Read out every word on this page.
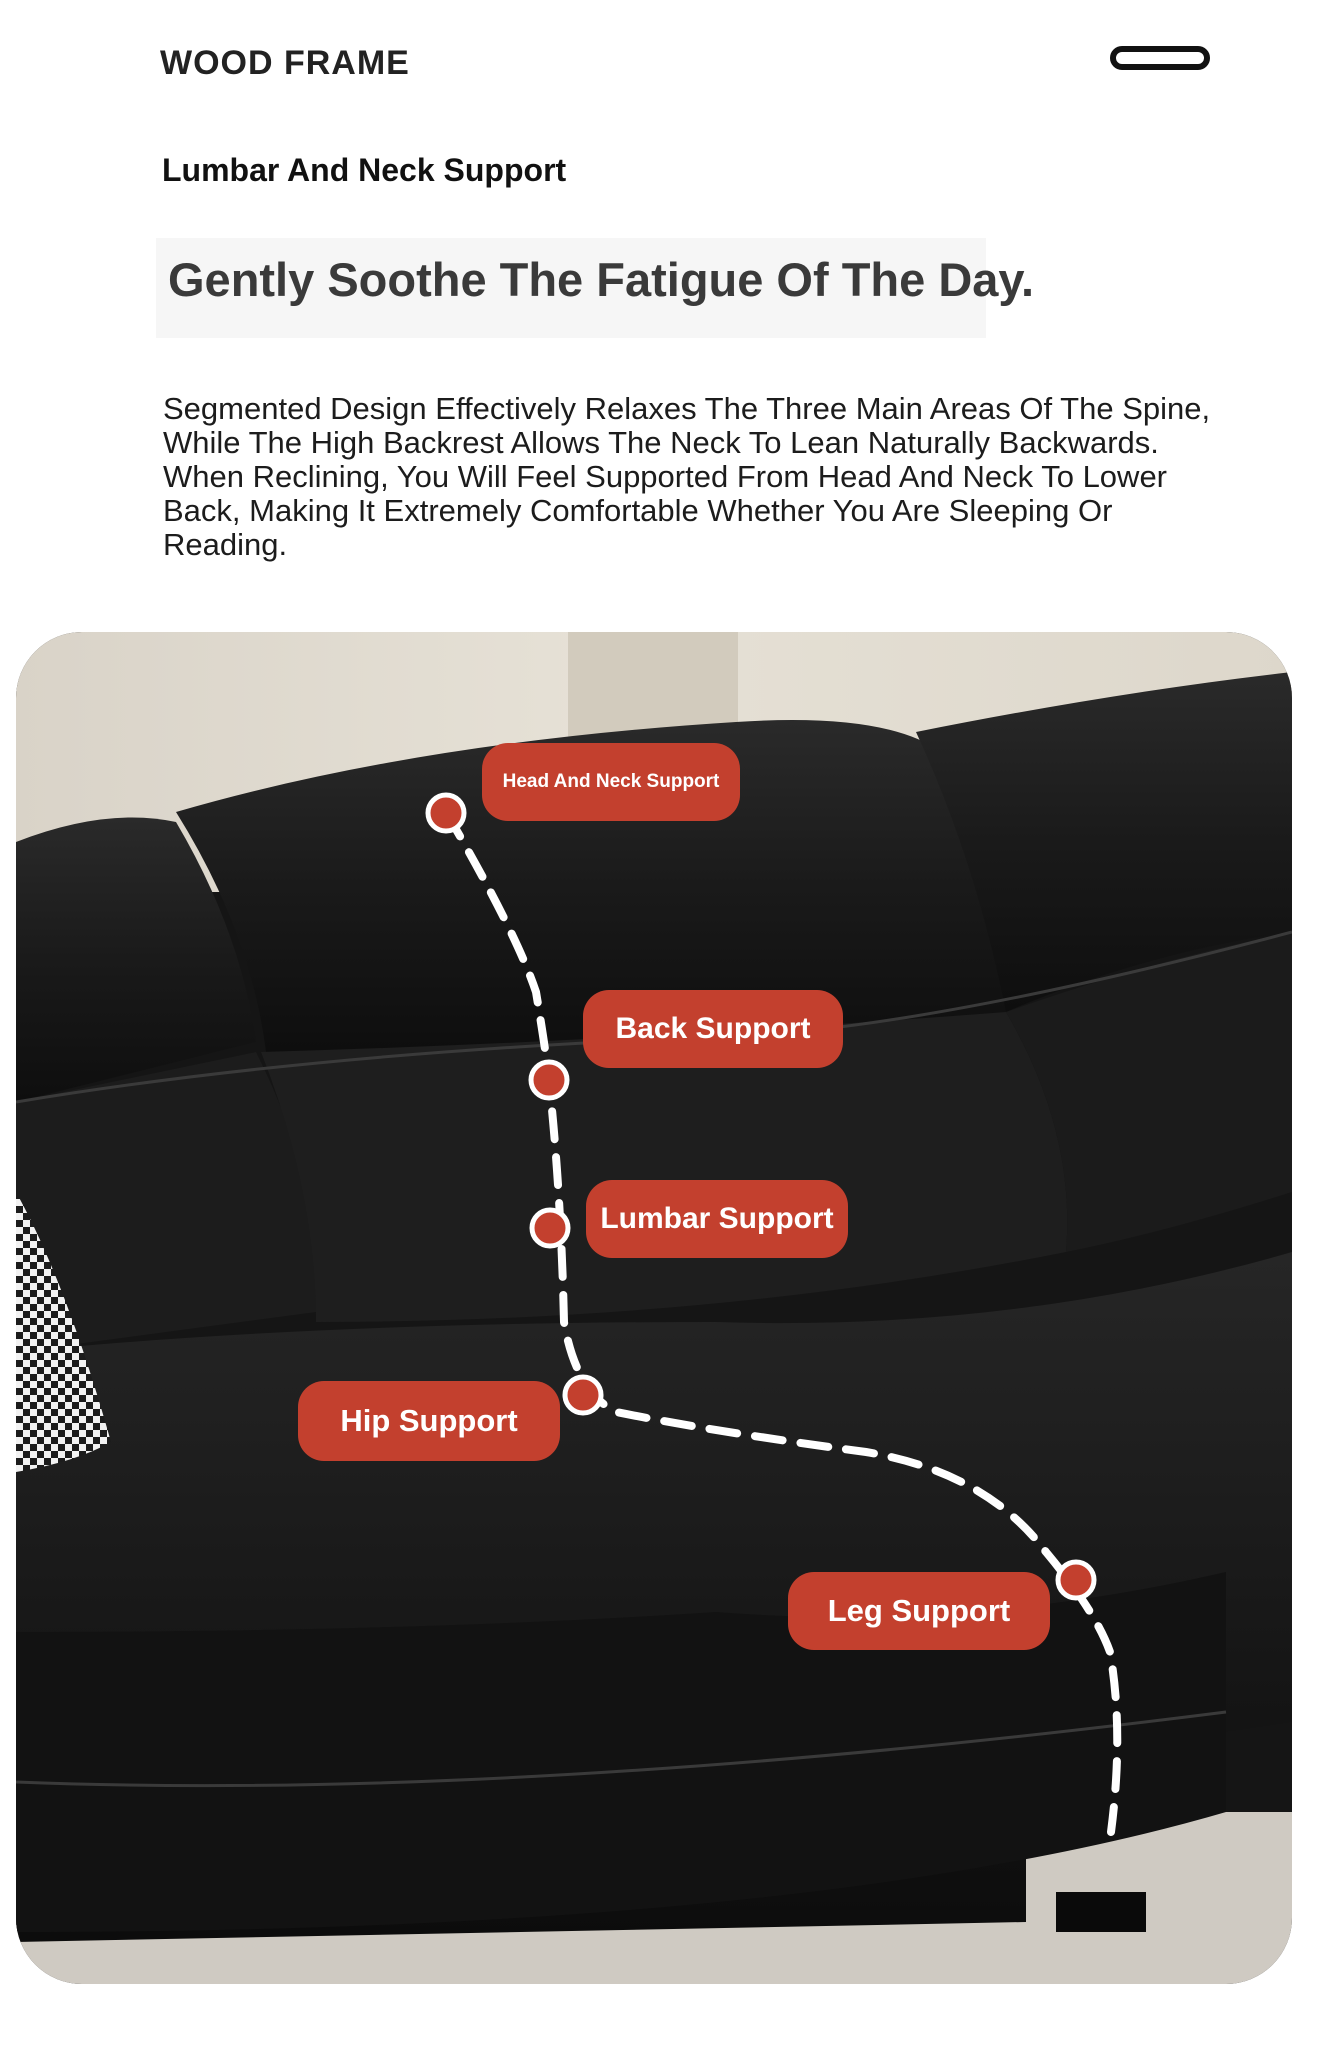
WOOD FRAME
Lumbar And Neck Support
Gently Soothe The Fatigue Of The Day.

Segmented Design Effectively Relaxes The Three Main Areas Of The Spine, While The High Backrest Allows The Neck To Lean Naturally Backwards. When Reclining, You Will Feel Supported From Head And Neck To Lower Back, Making It Extremely Comfortable Whether You Are Sleeping Or Reading.

Head And Neck Support
Back Support
Lumbar Support
Hip Support
Leg Support
